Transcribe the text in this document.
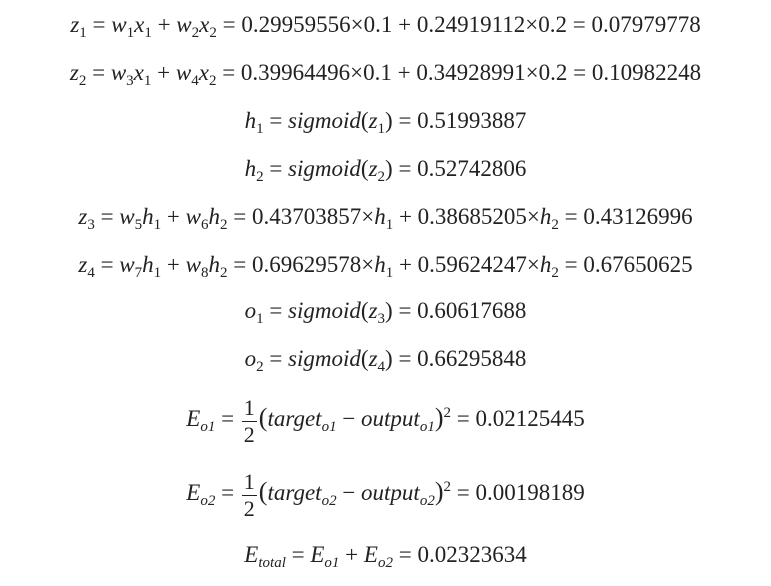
$z_1 = w_1x_1 + w_2x_2 = 0.29959556\times 0.1 + 0.24919112\times 0.2 = 0.07979778$
$z_2 = w_3x_1 + w_4x_2 = 0.39964496\times 0.1 + 0.34928991\times 0.2 = 0.10982248$
$h_1$ = $sigmoid(z_1) = 0.51993887$
$h_2$ = $sigmoid(z_2) = 0.52742806$
$z_3 = w_5h_1 + w_6h_2 = 0.43703857\times h_1 + 0.38685205\times h_2 = 0.43126996$
$z_4 = w_7h_1 + w_8h_2 = 0.69629578\times h_1 + 0.59624247\times h_2 = 0.67650625$
$o_1$ = $sigmoid(z_3) = 0.60617688$
$o_2$ = $sigmoid(z_4) = 0.66295848$
$E_{o1} = \frac{1}{2}$ (target$_{o1}$ − output$_{o1}$)$^2$ = 0.02125445
$E_{o2} = \frac{1}{2}$ (target$_{o2}$ − output$_{o2}$)$^2$ = 0.00198189
$E_{total} = E_{o1} + E_{o2} = 0.02323634$
